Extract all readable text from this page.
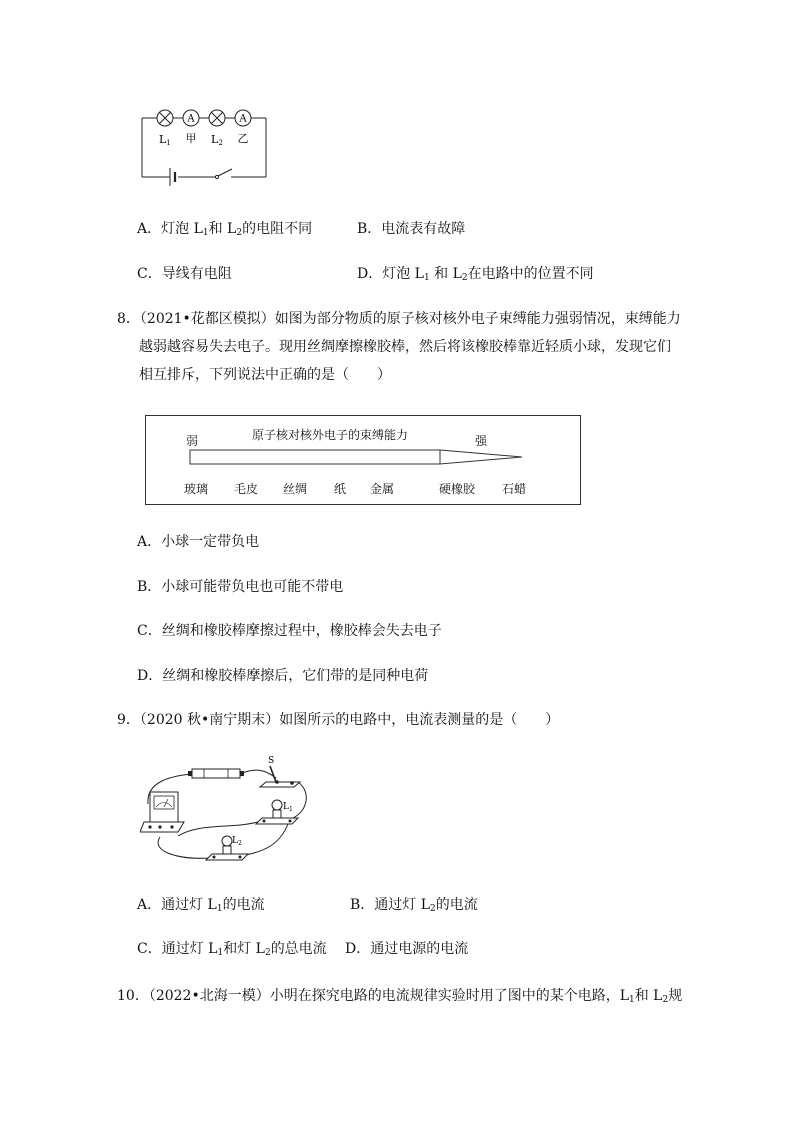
A	A
L1 甲 L2 乙
A．灯泡 $L_1$和 $L_2$的电阻不同	B．电流表有故障
C．导线有电阻	D．灯泡 $L_1$ 和 $L_2$在电路中的位置不同
8．（2021•花都区模拟）如图为部分物质的原子核对核外电子束缚能力强弱情况，束缚能力
越弱越容易失去电子。现用丝绸摩擦橡胶棒，然后将该橡胶棒靠近轻质小球，发现它们
相互排斥，下列说法中正确的是（　　）
弱	原子核对核外电子的束缚能力	强
玻璃 毛皮 丝绸 纸 金属	硬橡胶 石蜡
A．小球一定带负电
B．小球可能带负电也可能不带电
C．丝绸和橡胶棒摩擦过程中，橡胶棒会失去电子
D．丝绸和橡胶棒摩擦后，它们带的是同种电荷
9．（2020 秋•南宁期末）如图所示的电路中，电流表测量的是（　　）
S
$L_1$
$L_2$
A．通过灯 $L_1$的电流	B．通过灯 $L_2$的电流
C．通过灯 $L_1$和灯 $L_2$的总电流 D．通过电源的电流
10．（2022•北海一模）小明在探究电路的电流规律实验时用了图中的某个电路，$L_1$和 $L_2$规
